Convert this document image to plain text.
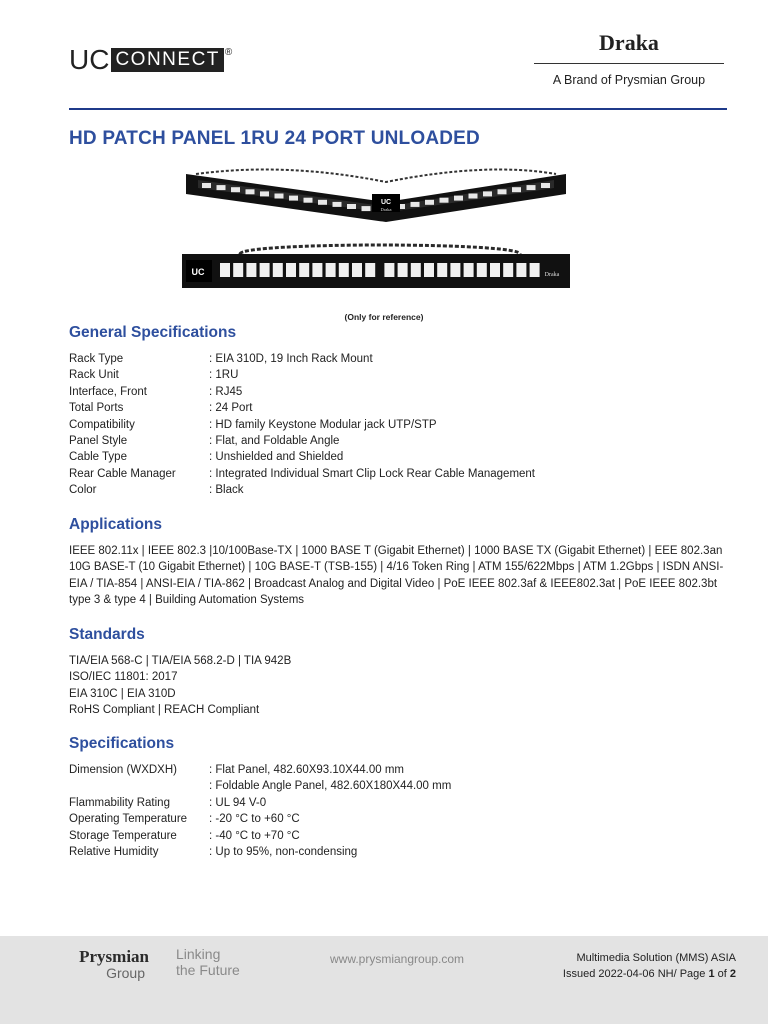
UC CONNECT ®	Draka
A Brand of Prysmian Group
HD PATCH PANEL 1RU 24 PORT UNLOADED
UC
Draka
UC	Draka
(Only for reference)
General Specifications
Rack Type	: EIA 310D, 19 Inch Rack Mount
Rack Unit	: 1RU
Interface, Front	: RJ45
Total Ports	: 24 Port
Compatibility	: HD family Keystone Modular jack UTP/STP
Panel Style	: Flat, and Foldable Angle
Cable Type	: Unshielded and Shielded
Rear Cable Manager	: Integrated Individual Smart Clip Lock Rear Cable Management
Color	: Black
Applications
IEEE 802.11x | IEEE 802.3 |10/100Base-TX | 1000 BASE T (Gigabit Ethernet) | 1000 BASE TX (Gigabit Ethernet) | EEE 802.3an 10G BASE-T (10 Gigabit Ethernet) | 10G BASE-T (TSB-155) | 4/16 Token Ring | ATM 155/622Mbps | ATM 1.2Gbps | ISDN ANSI-EIA / TIA-854 | ANSI-EIA / TIA-862 | Broadcast Analog and Digital Video | PoE IEEE 802.3af & IEEE802.3at | PoE IEEE 802.3bt type 3 & type 4 | Building Automation Systems
Standards
TIA/EIA 568-C | TIA/EIA 568.2-D | TIA 942B
ISO/IEC 11801: 2017
EIA 310C | EIA 310D
RoHS Compliant | REACH Compliant
Specifications
Dimension (WXDXH)	: Flat Panel, 482.60X93.10X44.00 mm
: Foldable Angle Panel, 482.60X180X44.00 mm
Flammability Rating	: UL 94 V-0
Operating Temperature	: -20 °C to +60 °C
Storage Temperature	: -40 °C to +70 °C
Relative Humidity	: Up to 95%, non-condensing
Prysmian
Group
Linking
the Future
www.prysmiangroup.com	Multimedia Solution (MMS) ASIA
Issued 2022-04-06 NH/ Page 1 of 2
